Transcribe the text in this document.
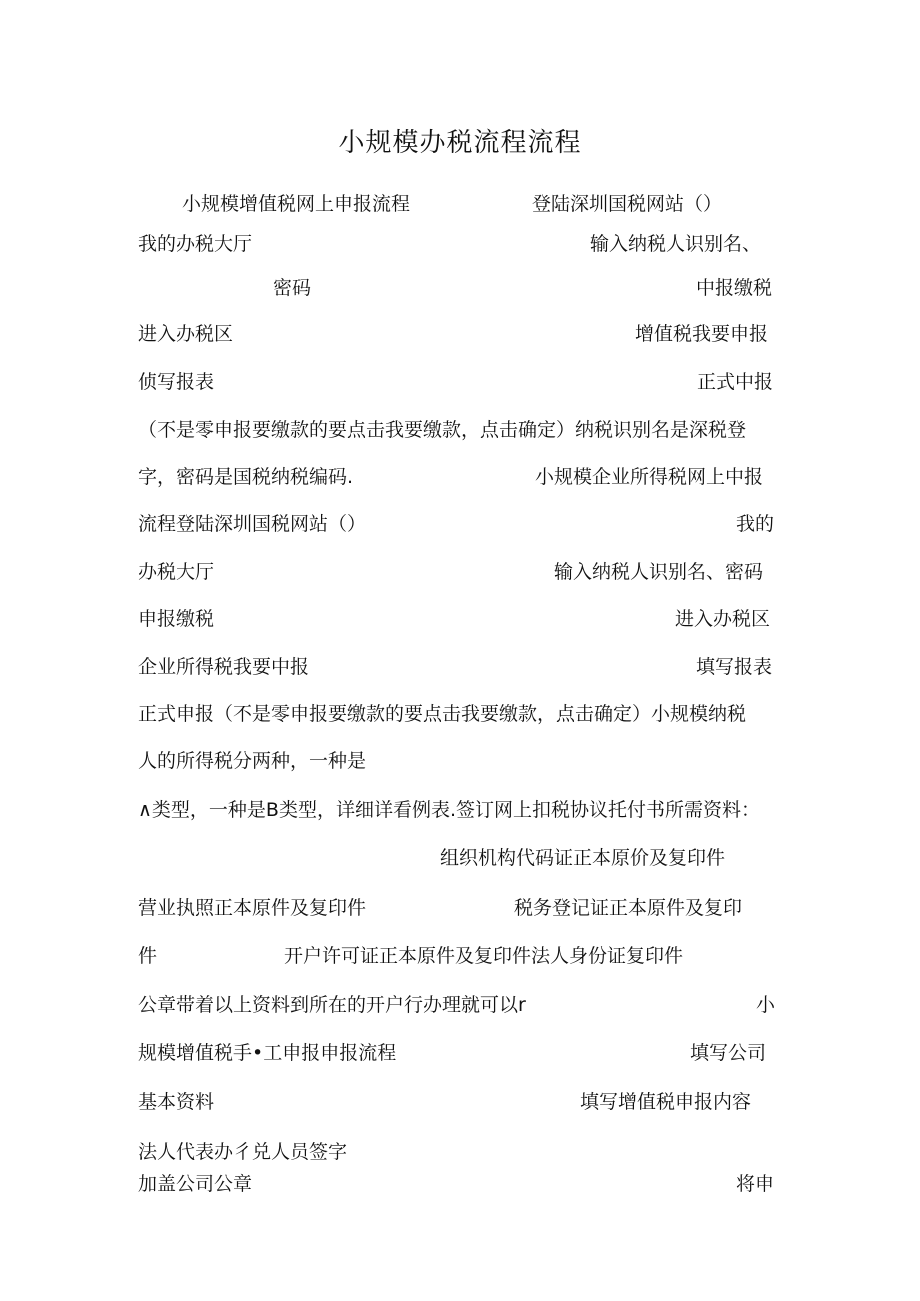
小规模办税流程流程
小规模增值税网上申报流程	登陆深圳国税网站（）
我的办税大厅	输入纳税人识别名、
密码	中报缴税
进入办税区	增值税我要申报
侦写报表	正式中报
（不是零申报要缴款的要点击我要缴款，点击确定）纳税识别名是深税登
字，密码是国税纳税编码.	小规模企业所得税网上中报
流程登陆深圳国税网站（）	我的
办税大厅	输入纳税人识别名、密码
申报缴税	进入办税区
企业所得税我要中报	填写报表
正式申报（不是零申报要缴款的要点击我要缴款，点击确定）小规模纳税
人的所得税分两种，一种是
∧类型，一种是B类型，详细详看例表.签订网上扣税协议托付书所需资料：
组织机构代码证正本原价及复印件
营业执照正本原件及复印件	税务登记证正本原件及复印
件	开户许可证正本原件及复印件法人身份证复印件
公章带着以上资料到所在的开户行办理就可以r	小
规模增值税手•工申报申报流程	填写公司
基本资料	填写增值税申报内容
法人代表办彳兑人员签字
加盖公司公章	将申
